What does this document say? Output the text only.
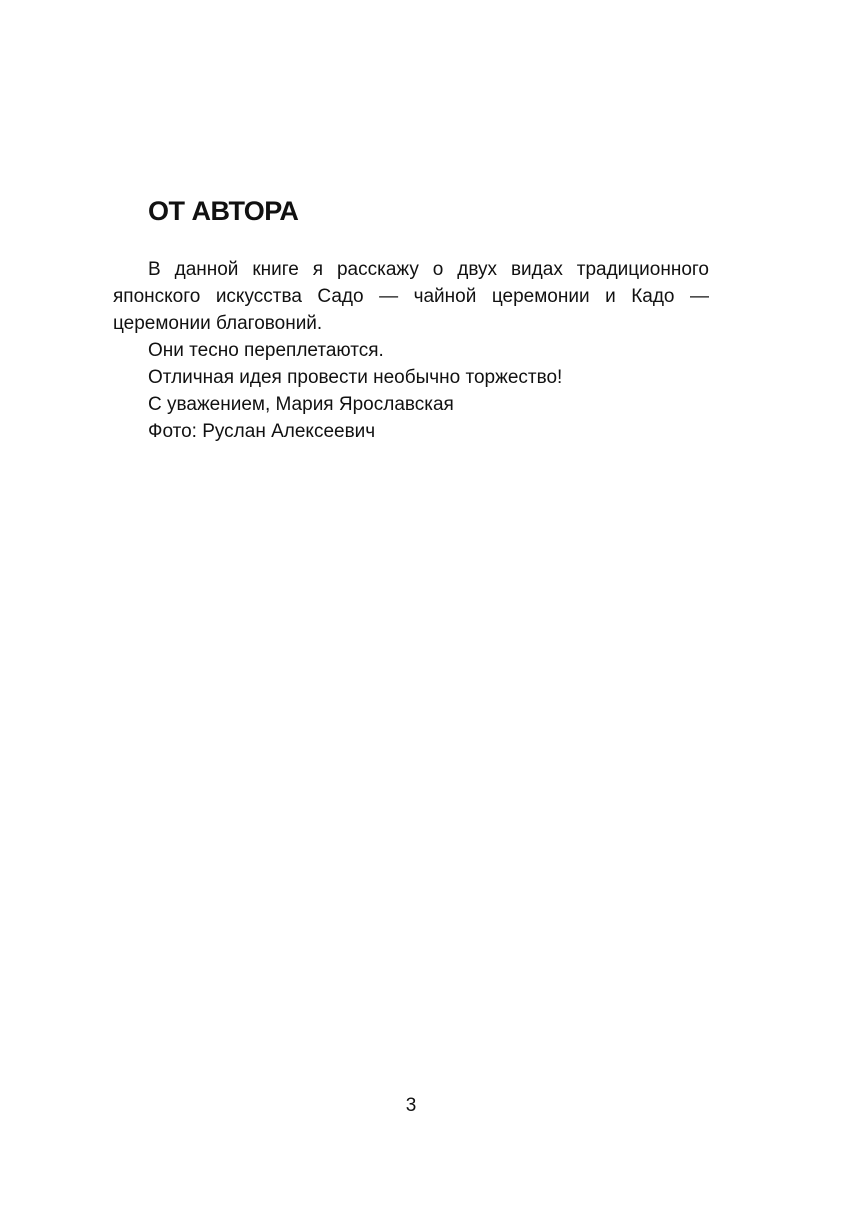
ОТ АВТОРА

В данной книге я расскажу о двух видах традиционного японского искусства Садо — чайной церемонии и Кадо — церемонии благовоний.

Они тесно переплетаются.

Отличная идея провести необычно торжество!

С уважением, Мария Ярославская

Фото: Руслан Алексеевич

3
